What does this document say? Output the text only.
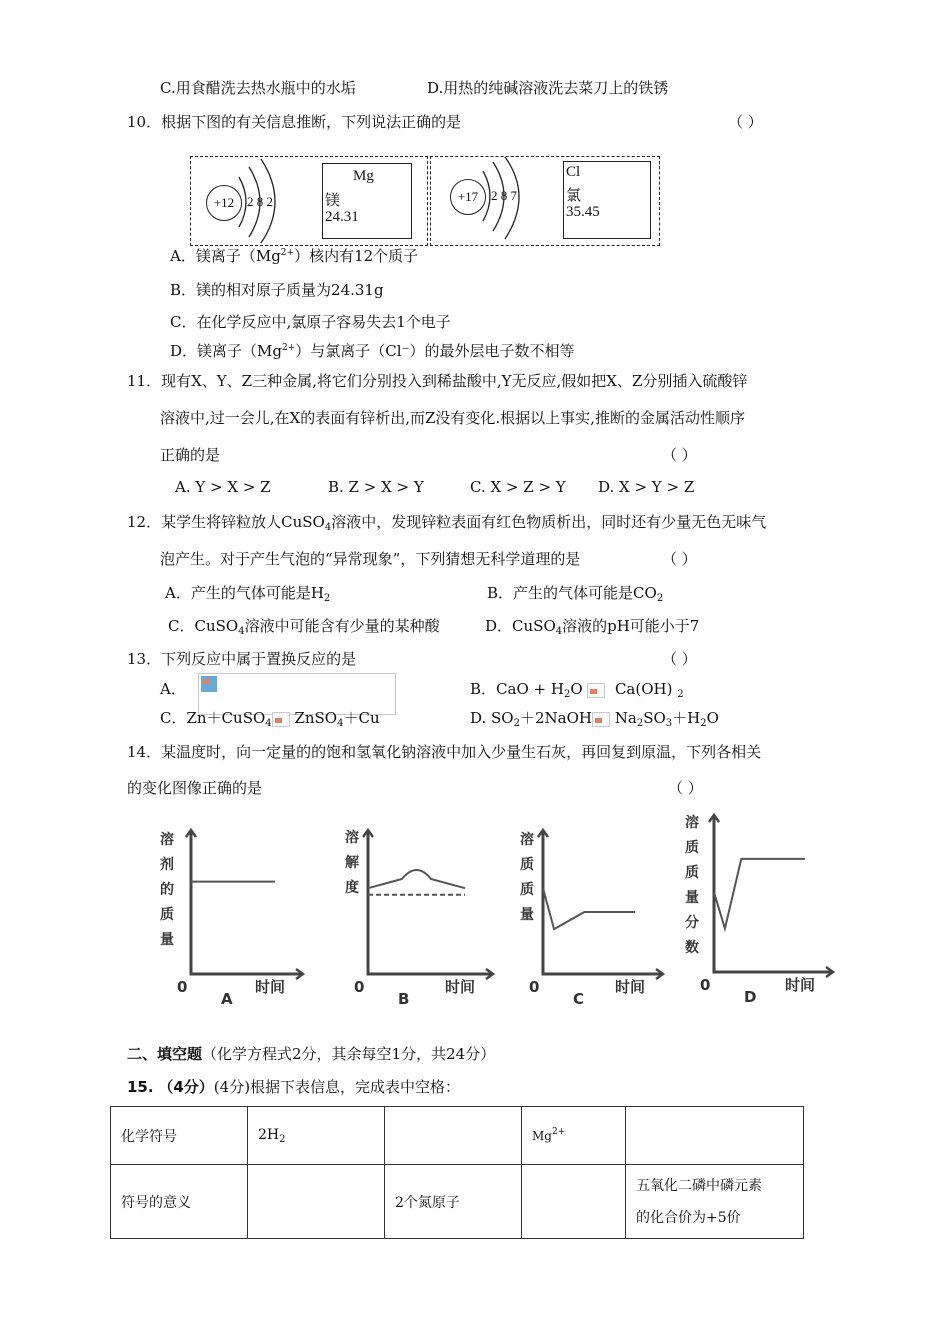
C.用食醋洗去热水瓶中的水垢	D.用热的纯碱溶液洗去菜刀上的铁锈
10．根据下图的有关信息推断，下列说法正确的是	（ ）
+12 2 8 2
Mg
镁
24.31
+17 2 8 7
Cl
氯
35.45
A．镁离子$(Mg^{2+})$核内有12个质子
B．镁的相对原子质量为24.31g
C．在化学反应中,氯原子容易失去1个电子
D．镁离子$(Mg^{2+})$与氯离子（Cl⁻）的最外层电子数不相等
11．现有X、Y、Z三种金属,将它们分别投入到稀盐酸中,Y无反应,假如把X、Z分别插入硫酸锌
溶液中,过一会儿,在X的表面有锌析出,而Z没有变化.根据以上事实,推断的金属活动性顺序
正确的是	（ ）
A. Y > X > Z	B. Z > X > Y	C. X > Z > Y D. X > Y > Z
12．某学生将锌粒放人CuSO$_4$溶液中，发现锌粒表面有红色物质析出，同时还有少量无色无味气
泡产生。对于产生气泡的“异常现象”，下列猜想无科学道理的是	（ ）
A．产生的气体可能是$H_2$	B．产生的气体可能是$CO_2$
C．CuSO$_4$溶液中可能含有少量的某种酸	D．CuSO$_4$溶液的pH可能小于7
13．下列反应中属于置换反应的是	（ ）
A．	B．CaO + $H_2O$ Ca(OH) $_2$
C．Zn＋CuSO$_4$ ZnSO$_4$＋Cu	D. $SO_2+2NaOH$ $Na_2SO_3+H_2O$
14．某温度时，向一定量的的饱和氢氧化钠溶液中加入少量生石灰，再回复到原温，下列各相关
的变化图像正确的是	（ ）
溶剂的质量
0	时间
A
溶解度
0	时间
B
溶质质量
0	时间
C
溶质质量分数
0	时间
D
二、填空题（化学方程式2分，其余每空1分，共24分）
15. （4分）(4分)根据下表信息，完成表中空格：
化学符号	$2H_2$		$Mg^{2+}$	
符号的意义		2个氮原子		五氧化二磷中磷元素
的化合价为+5价
